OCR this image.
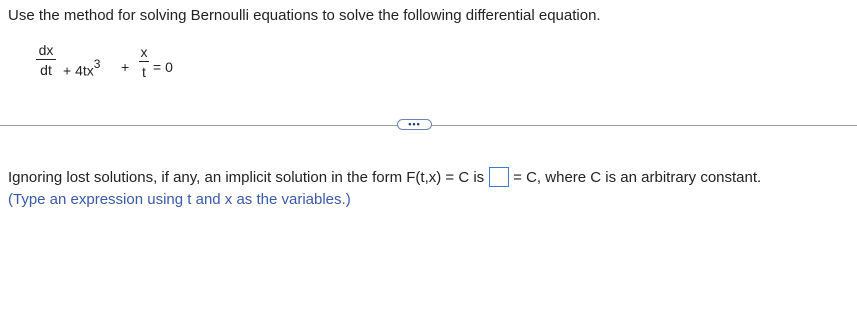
Use the method for solving Bernoulli equations to solve the following differential equation.
dx
dt + $4tx^3$ +
x
t = 0
•••
Ignoring lost solutions, if any, an implicit solution in the form F(t,x) = C is = C, where C is an arbitrary constant.
(Type an expression using t and x as the variables.)
